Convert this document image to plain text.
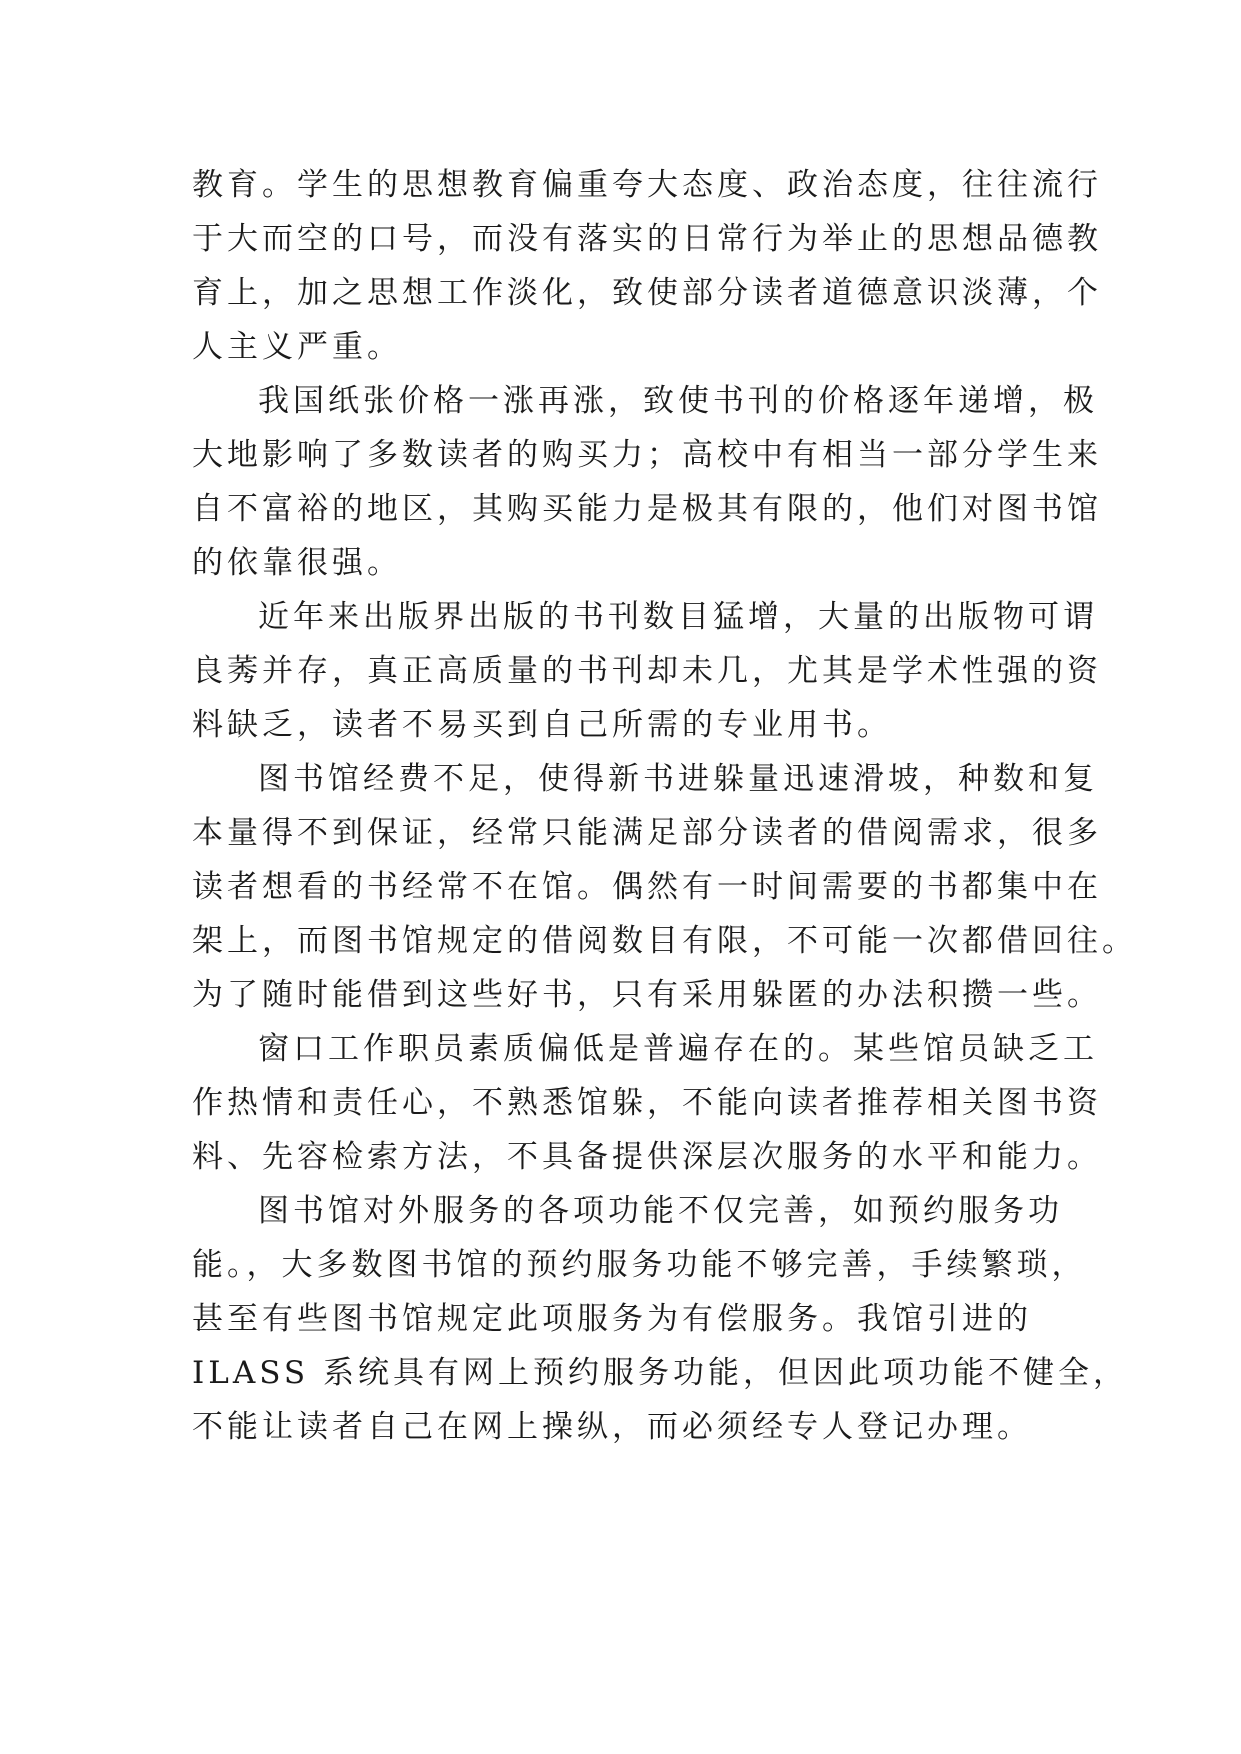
教育。学生的思想教育偏重夸大态度、政治态度，往往流行
于大而空的口号，而没有落实的日常行为举止的思想品德教
育上，加之思想工作淡化，致使部分读者道德意识淡薄，个
人主义严重。
我国纸张价格一涨再涨，致使书刊的价格逐年递增，极
大地影响了多数读者的购买力；高校中有相当一部分学生来
自不富裕的地区，其购买能力是极其有限的，他们对图书馆
的依靠很强。
近年来出版界出版的书刊数目猛增，大量的出版物可谓
良莠并存，真正高质量的书刊却未几，尤其是学术性强的资
料缺乏，读者不易买到自己所需的专业用书。
图书馆经费不足，使得新书进躲量迅速滑坡，种数和复
本量得不到保证，经常只能满足部分读者的借阅需求，很多
读者想看的书经常不在馆。偶然有一时间需要的书都集中在
架上，而图书馆规定的借阅数目有限，不可能一次都借回往。
为了随时能借到这些好书，只有采用躲匿的办法积攒一些。
窗口工作职员素质偏低是普遍存在的。某些馆员缺乏工
作热情和责任心，不熟悉馆躲，不能向读者推荐相关图书资
料、先容检索方法，不具备提供深层次服务的水平和能力。
图书馆对外服务的各项功能不仅完善，如预约服务功
能。，大多数图书馆的预约服务功能不够完善，手续繁琐，
甚至有些图书馆规定此项服务为有偿服务。我馆引进的
ILASS 系统具有网上预约服务功能，但因此项功能不健全，
不能让读者自己在网上操纵，而必须经专人登记办理。
